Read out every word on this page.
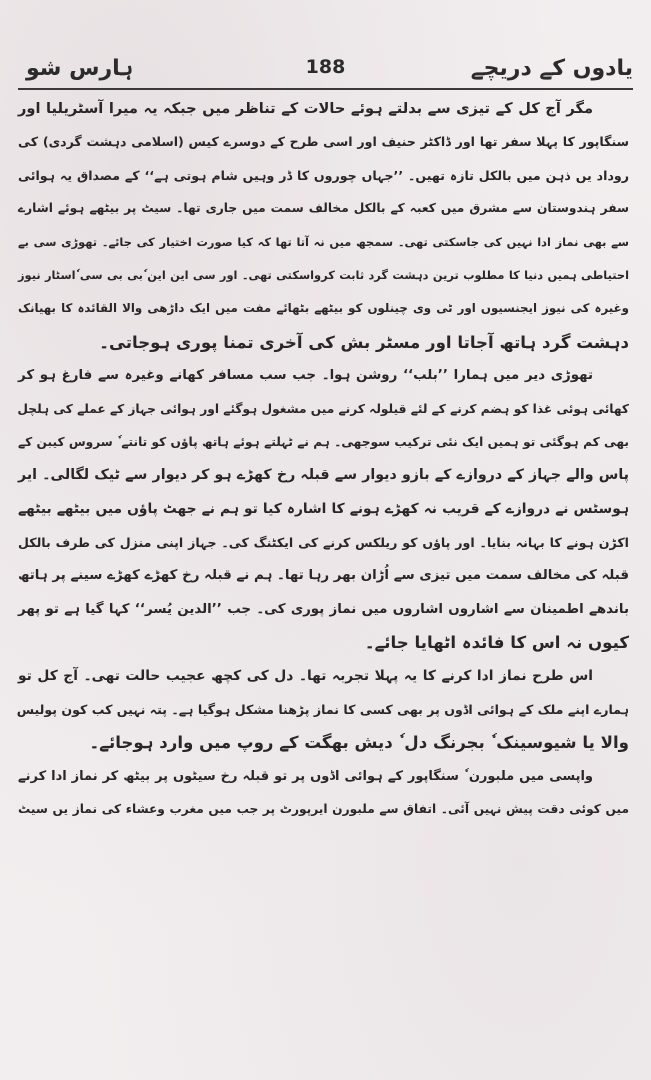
یادوں کے دریچے
188
ہارس شو
مگر آج کل کے تیزی سے بدلتے ہوئے حالات کے تناظر میں جبکہ یہ میرا آسٹریلیا اور
سنگاپور کا پہلا سفر تھا اور ڈاکٹر حنیف اور اسی طرح کے دوسرے کیس (اسلامی دہشت گردی) کی
روداد یں ذہن میں بالکل تازہ تھیں۔ ’’جہاں چوروں کا ڈر وہیں شام ہوتی ہے‘‘ کے مصداق یہ ہوائی
سفر ہندوستان سے مشرق میں کعبہ کے بالکل مخالف سمت میں جاری تھا۔ سیٹ پر بیٹھے ہوئے اشارے
سے بھی نماز ادا نہیں کی جاسکتی تھی۔ سمجھ میں نہ آتا تھا کہ کیا صورت اختیار کی جائے۔ تھوڑی سی بے
احتیاطی ہمیں دنیا کا مطلوب ترین دہشت گرد ثابت کرواسکتی تھی۔ اور سی این این ٗبی بی سی ٗاسٹار نیوز
وغیرہ کی نیوز ایجنسیوں اور ٹی وی چینلوں کو بیٹھے بٹھائے مفت میں ایک داڑھی والا القائدہ کا بھیانک
دہشت گرد ہاتھ آجاتا اور مسٹر بش کی آخری تمنا پوری ہوجاتی۔
تھوڑی دیر میں ہمارا ’’بلب‘‘ روشن ہوا۔ جب سب مسافر کھانے وغیرہ سے فارغ ہو کر
کھائی ہوئی غذا کو ہضم کرنے کے لئے قیلولہ کرنے میں مشغول ہوگئے اور ہوائی جہاز کے عملے کی ہلچل
بھی کم ہوگئی تو ہمیں ایک نئی ترکیب سوجھی۔ ہم نے ٹہلتے ہوئے ہاتھ پاؤں کو تانتے ٗ سروس کیبن کے
پاس والے جہاز کے دروازے کے بازو دیوار سے قبلہ رخ کھڑے ہو کر دیوار سے ٹیک لگالی۔ ایر
ہوسٹس نے دروازے کے قریب نہ کھڑے ہونے کا اشارہ کیا تو ہم نے جھٹ پاؤں میں بیٹھے بیٹھے
اکڑن ہونے کا بہانہ بنایا۔ اور پاؤں کو ریلکس کرنے کی ایکٹنگ کی۔ جہاز اپنی منزل کی طرف بالکل
قبلہ کی مخالف سمت میں تیزی سے اُڑان بھر رہا تھا۔ ہم نے قبلہ رخ کھڑے کھڑے سینے پر ہاتھ
باندھے اطمینان سے اشاروں اشاروں میں نماز پوری کی۔ جب ’’الدین یُسر‘‘ کہا گیا ہے تو پھر
کیوں نہ اس کا فائدہ اٹھایا جائے۔
اس طرح نماز ادا کرنے کا یہ پہلا تجربہ تھا۔ دل کی کچھ عجیب حالت تھی۔ آج کل تو
ہمارے اپنے ملک کے ہوائی اڈوں پر بھی کسی کا نماز پڑھنا مشکل ہوگیا ہے۔ پتہ نہیں کب کون پولیس
والا یا شیوسینک ٗ بجرنگ دل ٗ دیش بھگت کے روپ میں وارد ہوجائے۔
واپسی میں ملبورن ٗ سنگاپور کے ہوائی اڈوں پر تو قبلہ رخ سیٹوں پر بیٹھ کر نماز ادا کرنے
میں کوئی دقت پیش نہیں آئی۔ اتفاق سے ملبورن ایرپورٹ پر جب میں مغرب وعشاء کی نماز یں سیٹ
